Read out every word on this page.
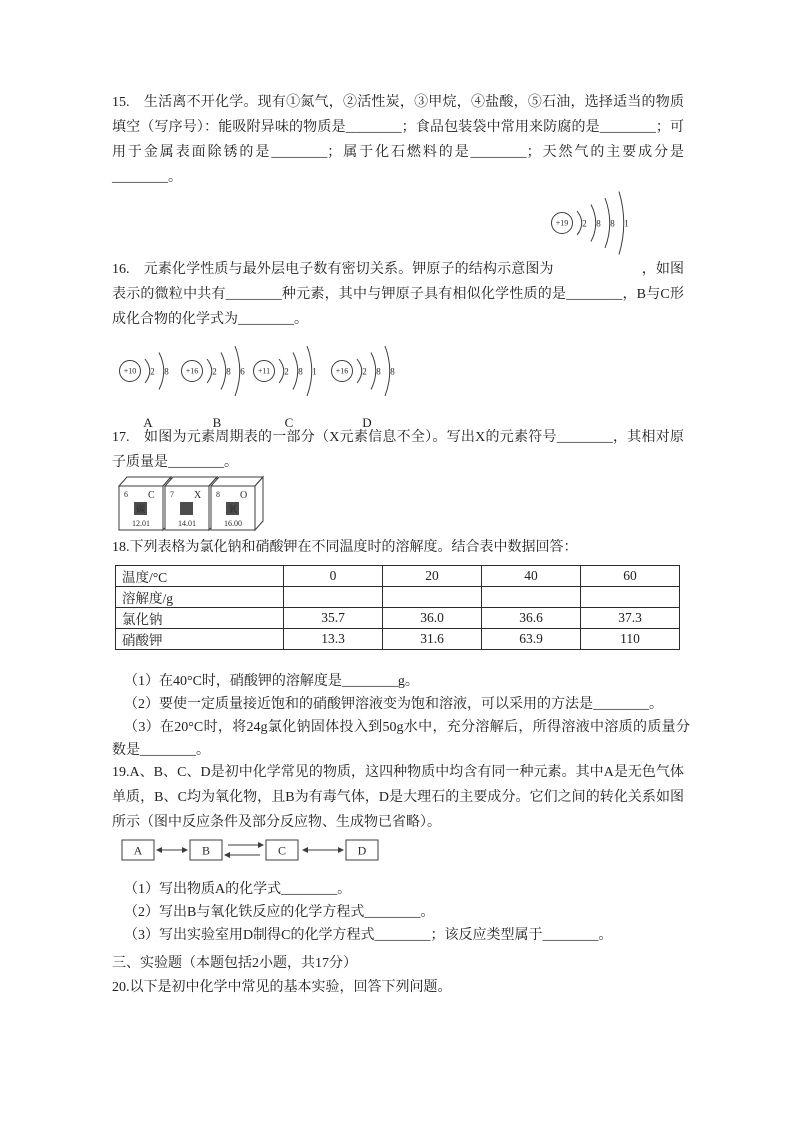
15.　生活离不开化学。现有①氮气，②活性炭，③甲烷，④盐酸，⑤石油，选择适当的物质填空（写序号）：能吸附异味的物质是________；食品包装袋中常用来防腐的是________；可用于金属表面除锈的是________；属于化石燃料的是________；天然气的主要成分是________。

+19 2 8 8 1

16.　元素化学性质与最外层电子数有密切关系。钾原子的结构示意图为	，如图表示的微粒中共有________种元素，其中与钾原子具有相似化学性质的是________，B与C形成化合物的化学式为________。

+10 2 8
A
+16 2 8 6
B
+11 2 8 1
C
+16 2 8 8
D

17.　如图为元素周期表的一部分（X元素信息不全）。写出X的元素符号________，其相对原子质量是________。

6 C
碳
12.01
7 X
14.01
8 O
氧
16.00

18.下列表格为氯化钠和硝酸钾在不同温度时的溶解度。结合表中数据回答：

温度/°C	0	20	40	60
溶解度/g				
氯化钠	35.7	36.0	36.6	37.3
硝酸钾	13.3	31.6	63.9	110

（1）在40°C时，硝酸钾的溶解度是________g。

（2）要使一定质量接近饱和的硝酸钾溶液变为饱和溶液，可以采用的方法是________。

（3）在20°C时，将24g氯化钠固体投入到50g水中，充分溶解后，所得溶液中溶质的质量分数是________。

19.A、B、C、D是初中化学常见的物质，这四种物质中均含有同一种元素。其中A是无色气体单质，B、C均为氧化物，且B为有毒气体，D是大理石的主要成分。它们之间的转化关系如图所示（图中反应条件及部分反应物、生成物已省略）。

A	B	C	D

（1）写出物质A的化学式________。

（2）写出B与氧化铁反应的化学方程式________。

（3）写出实验室用D制得C的化学方程式________；该反应类型属于________。

三、实验题（本题包括2小题，共17分）

20.以下是初中化学中常见的基本实验，回答下列问题。
